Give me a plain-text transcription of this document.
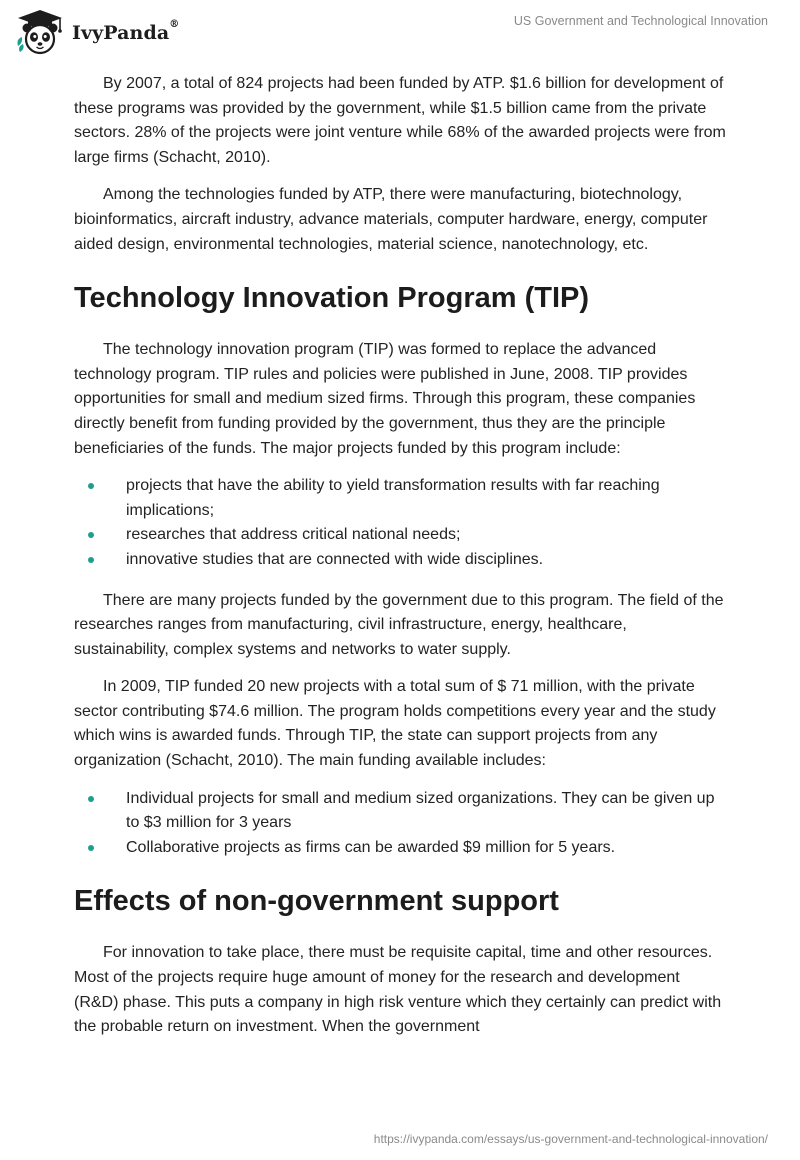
IvyPanda®	US Government and Technological Innovation

By 2007, a total of 824 projects had been funded by ATP. $1.6 billion for development of these programs was provided by the government, while $1.5 billion came from the private sectors. 28% of the projects were joint venture while 68% of the awarded projects were from large firms (Schacht, 2010).

Among the technologies funded by ATP, there were manufacturing, biotechnology, bioinformatics, aircraft industry, advance materials, computer hardware, energy, computer aided design, environmental technologies, material science, nanotechnology, etc.

Technology Innovation Program (TIP)

The technology innovation program (TIP) was formed to replace the advanced technology program. TIP rules and policies were published in June, 2008. TIP provides opportunities for small and medium sized firms. Through this program, these companies directly benefit from funding provided by the government, thus they are the principle beneficiaries of the funds. The major projects funded by this program include:

projects that have the ability to yield transformation results with far reaching implications;
researches that address critical national needs;
innovative studies that are connected with wide disciplines.

There are many projects funded by the government due to this program. The field of the researches ranges from manufacturing, civil infrastructure, energy, healthcare, sustainability, complex systems and networks to water supply.

In 2009, TIP funded 20 new projects with a total sum of $ 71 million, with the private sector contributing $74.6 million. The program holds competitions every year and the study which wins is awarded funds. Through TIP, the state can support projects from any organization (Schacht, 2010). The main funding available includes:

Individual projects for small and medium sized organizations. They can be given up to $3 million for 3 years
Collaborative projects as firms can be awarded $9 million for 5 years.
Effects of non-government support

For innovation to take place, there must be requisite capital, time and other resources. Most of the projects require huge amount of money for the research and development (R&D) phase. This puts a company in high risk venture which they certainly can predict with the probable return on investment. When the government

https://ivypanda.com/essays/us-government-and-technological-innovation/
